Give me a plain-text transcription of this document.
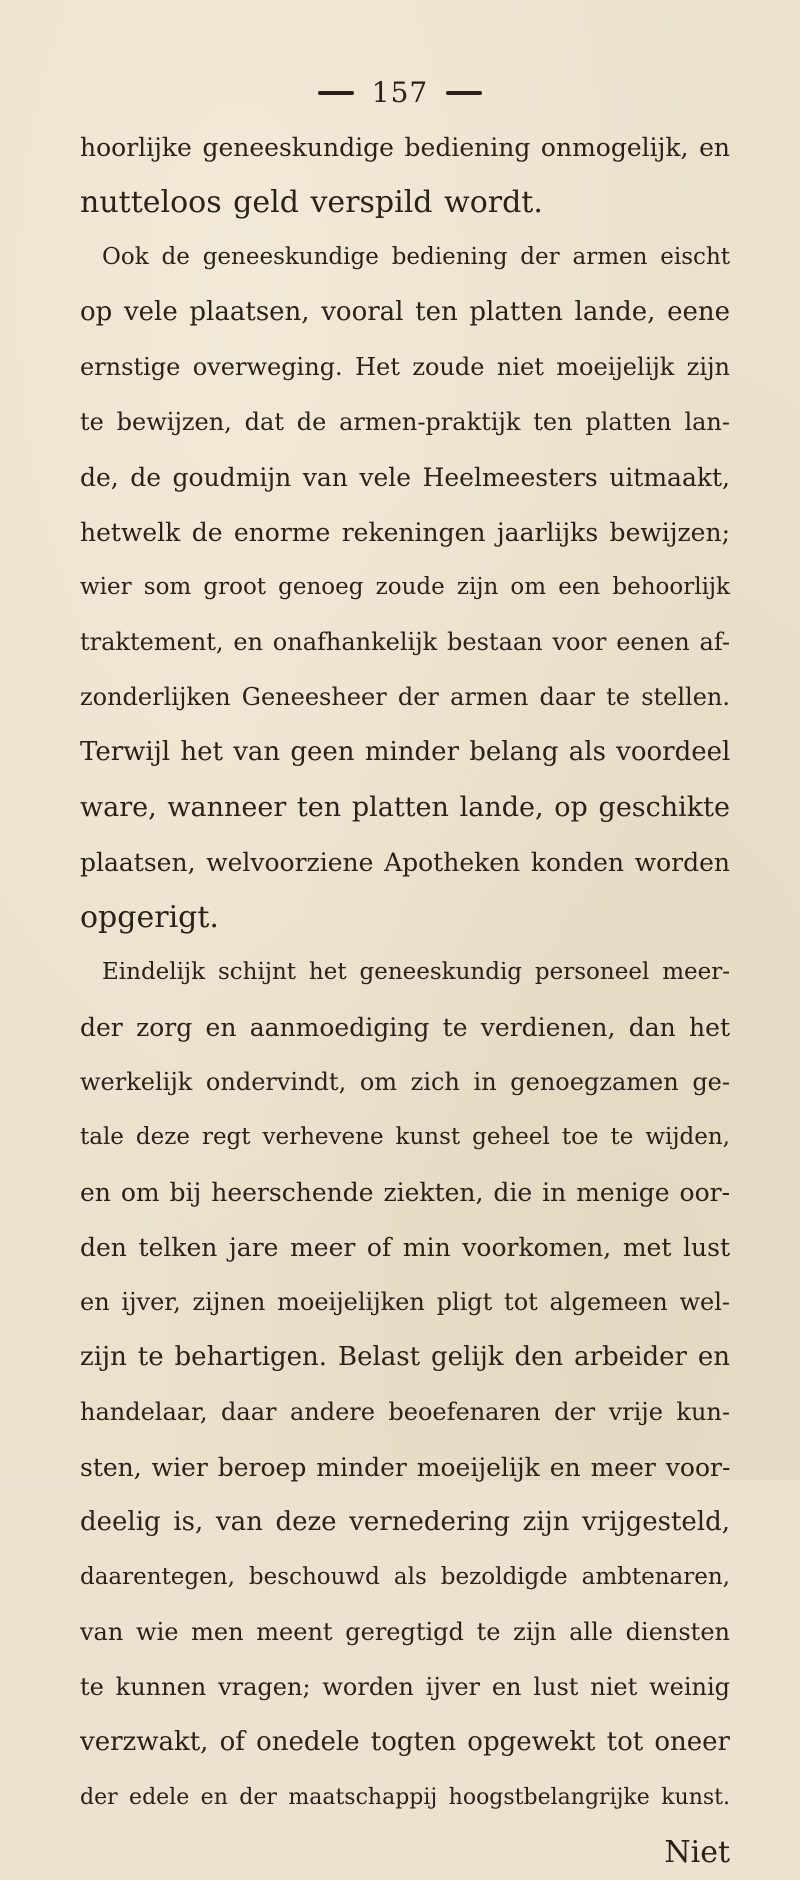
157
hoorlijke geneeskundige bediening onmogelijk, en
nutteloos geld verspild wordt.
Ook de geneeskundige bediening der armen eischt
op vele plaatsen, vooral ten platten lande, eene
ernstige overweging. Het zoude niet moeijelijk zijn
te bewijzen, dat de armen-praktijk ten platten lan-
de, de goudmijn van vele Heelmeesters uitmaakt,
hetwelk de enorme rekeningen jaarlijks bewijzen;
wier som groot genoeg zoude zijn om een behoorlijk
traktement, en onafhankelijk bestaan voor eenen af-
zonderlijken Geneesheer der armen daar te stellen.
Terwijl het van geen minder belang als voordeel
ware, wanneer ten platten lande, op geschikte
plaatsen, welvoorziene Apotheken konden worden
opgerigt.
Eindelijk schijnt het geneeskundig personeel meer-
der zorg en aanmoediging te verdienen, dan het
werkelijk ondervindt, om zich in genoegzamen ge-
tale deze regt verhevene kunst geheel toe te wijden,
en om bij heerschende ziekten, die in menige oor-
den telken jare meer of min voorkomen, met lust
en ijver, zijnen moeijelijken pligt tot algemeen wel-
zijn te behartigen. Belast gelijk den arbeider en
handelaar, daar andere beoefenaren der vrije kun-
sten, wier beroep minder moeijelijk en meer voor-
deelig is, van deze vernedering zijn vrijgesteld,
daarentegen, beschouwd als bezoldigde ambtenaren,
van wie men meent geregtigd te zijn alle diensten
te kunnen vragen; worden ijver en lust niet weinig
verzwakt, of onedele togten opgewekt tot oneer
der edele en der maatschappij hoogstbelangrijke kunst.
Niet
